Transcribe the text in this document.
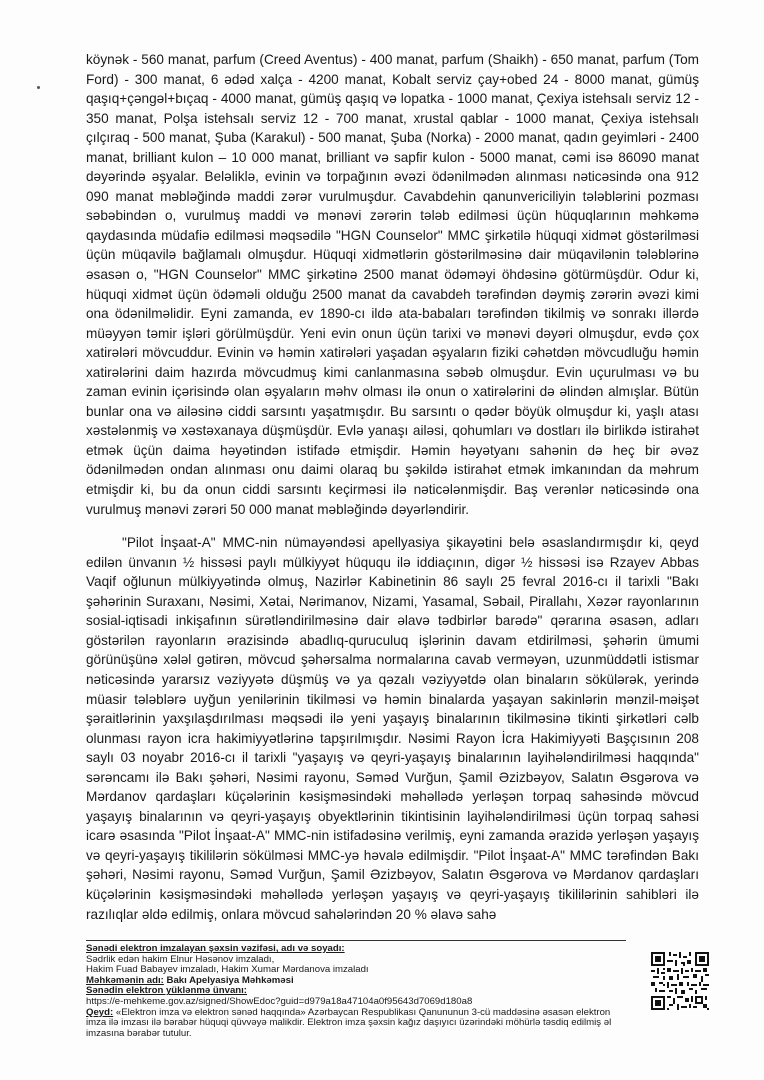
köynək - 560 manat, parfum (Creed Aventus) - 400 manat, parfum (Shaikh) - 650 manat, parfum (Tom Ford) - 300 manat, 6 ədəd xalça - 4200 manat, Kobalt serviz çay+obed 24 - 8000 manat, gümüş qaşıq+çəngəl+bıçaq - 4000 manat, gümüş qaşıq və lopatka - 1000 manat, Çexiya istehsalı serviz 12 - 350 manat, Polşa istehsalı serviz 12 - 700 manat, xrustal qablar - 1000 manat, Çexiya istehsalı çılçıraq - 500 manat, Şuba (Karakul) - 500 manat, Şuba (Norka) - 2000 manat, qadın geyimləri - 2400 manat, brilliant kulon – 10 000 manat, brilliant və sapfir kulon - 5000 manat, cəmi isə 86090 manat dəyərində əşyalar. Beləliklə, evinin və torpağının əvəzi ödənilmədən alınması nəticəsində ona 912 090 manat məbləğində maddi zərər vurulmuşdur. Cavabdehin qanunvericiliyin tələblərini pozması səbəbindən o, vurulmuş maddi və mənəvi zərərin tələb edilməsi üçün hüquqlarının məhkəmə qaydasında müdafiə edilməsi məqsədilə "HGN Counselor" MMC şirkətilə hüquqi xidmət göstərilməsi üçün müqavilə bağlamalı olmuşdur. Hüquqi xidmətlərin göstərilməsinə dair müqavilənin tələblərinə əsasən o, "HGN Counselor" MMC şirkətinə 2500 manat ödəməyi öhdəsinə götürmüşdür. Odur ki, hüquqi xidmət üçün ödəməli olduğu 2500 manat da cavabdeh tərəfindən dəymiş zərərin əvəzi kimi ona ödənilməlidir. Eyni zamanda, ev 1890-cı ildə ata-babaları tərəfindən tikilmiş və sonrakı illərdə müəyyən təmir işləri görülmüşdür. Yeni evin onun üçün tarixi və mənəvi dəyəri olmuşdur, evdə çox xatirələri mövcuddur. Evinin və həmin xatirələri yaşadan əşyaların fiziki cəhətdən mövcudluğu həmin xatirələrini daim hazırda mövcudmuş kimi canlanmasına səbəb olmuşdur. Evin uçurulması və bu zaman evinin içərisində olan əşyaların məhv olması ilə onun o xatirələrini də əlindən almışlar. Bütün bunlar ona və ailəsinə ciddi sarsıntı yaşatmışdır. Bu sarsıntı o qədər böyük olmuşdur ki, yaşlı atası xəstələnmiş və xəstəxanaya düşmüşdür. Evlə yanaşı ailəsi, qohumları və dostları ilə birlikdə istirahət etmək üçün daima həyətindən istifadə etmişdir. Həmin həyətyanı sahənin də heç bir əvəz ödənilmədən ondan alınması onu daimi olaraq bu şəkildə istirahət etmək imkanından da məhrum etmişdir ki, bu da onun ciddi sarsıntı keçirməsi ilə nəticələnmişdir. Baş verənlər nəticəsində ona vurulmuş mənəvi zərəri 50 000 manat məbləğində dəyərləndirir.

"Pilot İnşaat-A" MMC-nin nümayəndəsi apellyasiya şikayətini belə əsaslandırmışdır ki, qeyd edilən ünvanın ½ hissəsi paylı mülkiyyət hüququ ilə iddiaçının, digər ½ hissəsi isə Rzayev Abbas Vaqif oğlunun mülkiyyətində olmuş, Nazirlər Kabinetinin 86 saylı 25 fevral 2016-cı il tarixli "Bakı şəhərinin Suraxanı, Nəsimi, Xətai, Nərimanov, Nizami, Yasamal, Səbail, Pirallahı, Xəzər rayonlarının sosial-iqtisadi inkişafının sürətləndirilməsinə dair əlavə tədbirlər barədə" qərarına əsasən, adları göstərilən rayonların ərazisində abadlıq-quruculuq işlərinin davam etdirilməsi, şəhərin ümumi görünüşünə xələl gətirən, mövcud şəhərsalma normalarına cavab verməyən, uzunmüddətli istismar nəticəsində yararsız vəziyyətə düşmüş və ya qəzalı vəziyyətdə olan binaların sökülərək, yerində müasir tələblərə uyğun yenilərinin tikilməsi və həmin binalarda yaşayan sakinlərin mənzil-məişət şəraitlərinin yaxşılaşdırılması məqsədi ilə yeni yaşayış binalarının tikilməsinə tikinti şirkətləri cəlb olunması rayon icra hakimiyyətlərinə tapşırılmışdır. Nəsimi Rayon İcra Hakimiyyəti Başçısının 208 saylı 03 noyabr 2016-cı il tarixli "yaşayış və qeyri-yaşayış binalarının layihələndirilməsi haqqında" sərəncamı ilə Bakı şəhəri, Nəsimi rayonu, Səməd Vurğun, Şamil Əzizbəyov, Salatın Əsgərova və Mərdanov qardaşları küçələrinin kəsişməsindəki məhəllədə yerləşən torpaq sahəsində mövcud yaşayış binalarının və qeyri-yaşayış obyektlərinin tikintisinin layihələndirilməsi üçün torpaq sahəsi icarə əsasında "Pilot İnşaat-A" MMC-nin istifadəsinə verilmiş, eyni zamanda ərazidə yerləşən yaşayış və qeyri-yaşayış tikililərin sökülməsi MMC-yə həvalə edilmişdir. "Pilot İnşaat-A" MMC tərəfindən Bakı şəhəri, Nəsimi rayonu, Səməd Vurğun, Şamil Əzizbəyov, Salatın Əsgərova və Mərdanov qardaşları küçələrinin kəsişməsindəki məhəllədə yerləşən yaşayış və qeyri-yaşayış tikililərinin sahibləri ilə razılıqlar əldə edilmiş, onlara mövcud sahələrindən 20 % əlavə sahə

Sənədi elektron imzalayan şəxsin vəzifəsi, adı və soyadı:
Sədrlik edən hakim Elnur Həsənov imzaladı,
Hakim Fuad Babayev imzaladı, Hakim Xumar Mərdanova imzaladı
Məhkəmənin adı: Bakı Apelyasiya Məhkəməsi
Sənədin elektron yüklənmə ünvanı:
https://e-mehkeme.gov.az/signed/ShowEdoc?guid=d979a18a47104a0f95643d7069d180a8
Qeyd: «Elektron imza və elektron sənəd haqqında» Azərbaycan Respublikası Qanununun 3-cü maddəsinə əsasən elektron imza ilə imzası ilə bərabər hüquqi qüvvəyə malikdir. Elektron imza şəxsin kağız daşıyıcı üzərindəki möhürlə təsdiq edilmiş əl imzasına bərabər tutulur.
